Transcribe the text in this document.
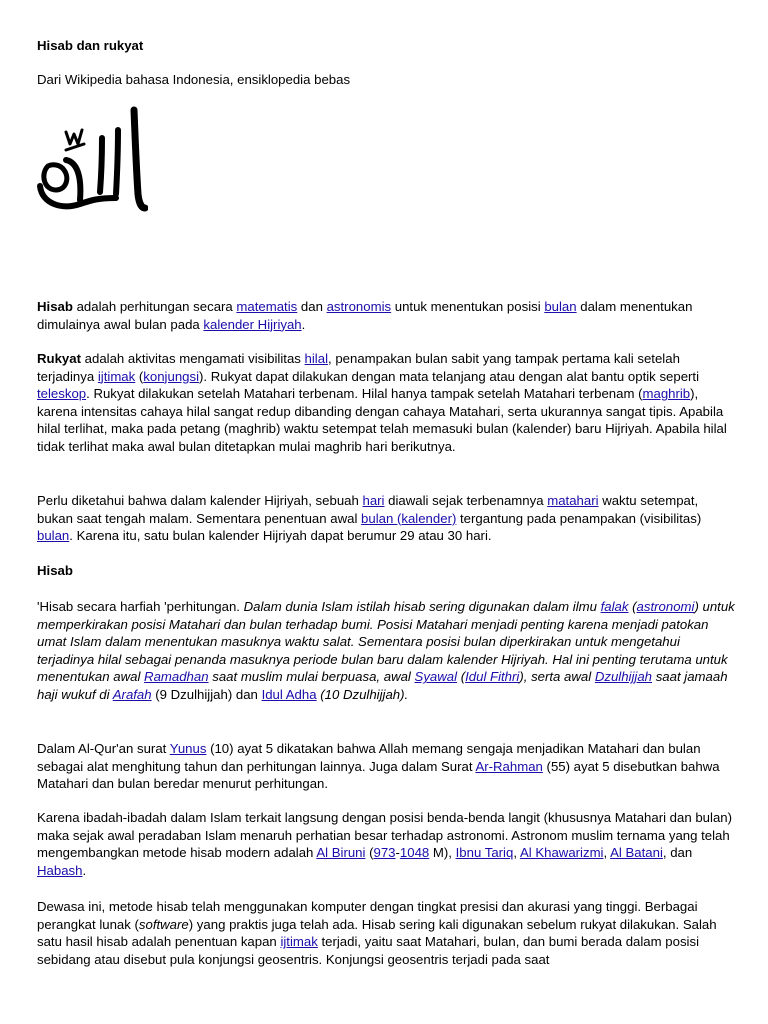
Hisab dan rukyat

Dari Wikipedia bahasa Indonesia, ensiklopedia bebas

Hisab adalah perhitungan secara matematis dan astronomis untuk menentukan posisi bulan dalam menentukan dimulainya awal bulan pada kalender Hijriyah.

Rukyat adalah aktivitas mengamati visibilitas hilal, penampakan bulan sabit yang tampak pertama kali setelah terjadinya ijtimak (konjungsi). Rukyat dapat dilakukan dengan mata telanjang atau dengan alat bantu optik seperti teleskop. Rukyat dilakukan setelah Matahari terbenam. Hilal hanya tampak setelah Matahari terbenam (maghrib), karena intensitas cahaya hilal sangat redup dibanding dengan cahaya Matahari, serta ukurannya sangat tipis. Apabila hilal terlihat, maka pada petang (maghrib) waktu setempat telah memasuki bulan (kalender) baru Hijriyah. Apabila hilal tidak terlihat maka awal bulan ditetapkan mulai maghrib hari berikutnya.

Perlu diketahui bahwa dalam kalender Hijriyah, sebuah hari diawali sejak terbenamnya matahari waktu setempat, bukan saat tengah malam. Sementara penentuan awal bulan (kalender) tergantung pada penampakan (visibilitas) bulan. Karena itu, satu bulan kalender Hijriyah dapat berumur 29 atau 30 hari.

Hisab

'Hisab secara harfiah 'perhitungan. Dalam dunia Islam istilah hisab sering digunakan dalam ilmu falak (astronomi) untuk memperkirakan posisi Matahari dan bulan terhadap bumi. Posisi Matahari menjadi penting karena menjadi patokan umat Islam dalam menentukan masuknya waktu salat. Sementara posisi bulan diperkirakan untuk mengetahui terjadinya hilal sebagai penanda masuknya periode bulan baru dalam kalender Hijriyah. Hal ini penting terutama untuk menentukan awal Ramadhan saat muslim mulai berpuasa, awal Syawal (Idul Fithri), serta awal Dzulhijjah saat jamaah haji wukuf di Arafah (9 Dzulhijjah) dan Idul Adha (10 Dzulhijjah).

Dalam Al-Qur'an surat Yunus (10) ayat 5 dikatakan bahwa Allah memang sengaja menjadikan Matahari dan bulan sebagai alat menghitung tahun dan perhitungan lainnya. Juga dalam Surat Ar-Rahman (55) ayat 5 disebutkan bahwa Matahari dan bulan beredar menurut perhitungan.

Karena ibadah-ibadah dalam Islam terkait langsung dengan posisi benda-benda langit (khususnya Matahari dan bulan) maka sejak awal peradaban Islam menaruh perhatian besar terhadap astronomi. Astronom muslim ternama yang telah mengembangkan metode hisab modern adalah Al Biruni (973-1048 M), Ibnu Tariq, Al Khawarizmi, Al Batani, dan Habash.

Dewasa ini, metode hisab telah menggunakan komputer dengan tingkat presisi dan akurasi yang tinggi. Berbagai perangkat lunak (software) yang praktis juga telah ada. Hisab sering kali digunakan sebelum rukyat dilakukan. Salah satu hasil hisab adalah penentuan kapan ijtimak terjadi, yaitu saat Matahari, bulan, dan bumi berada dalam posisi sebidang atau disebut pula konjungsi geosentris. Konjungsi geosentris terjadi pada saat
